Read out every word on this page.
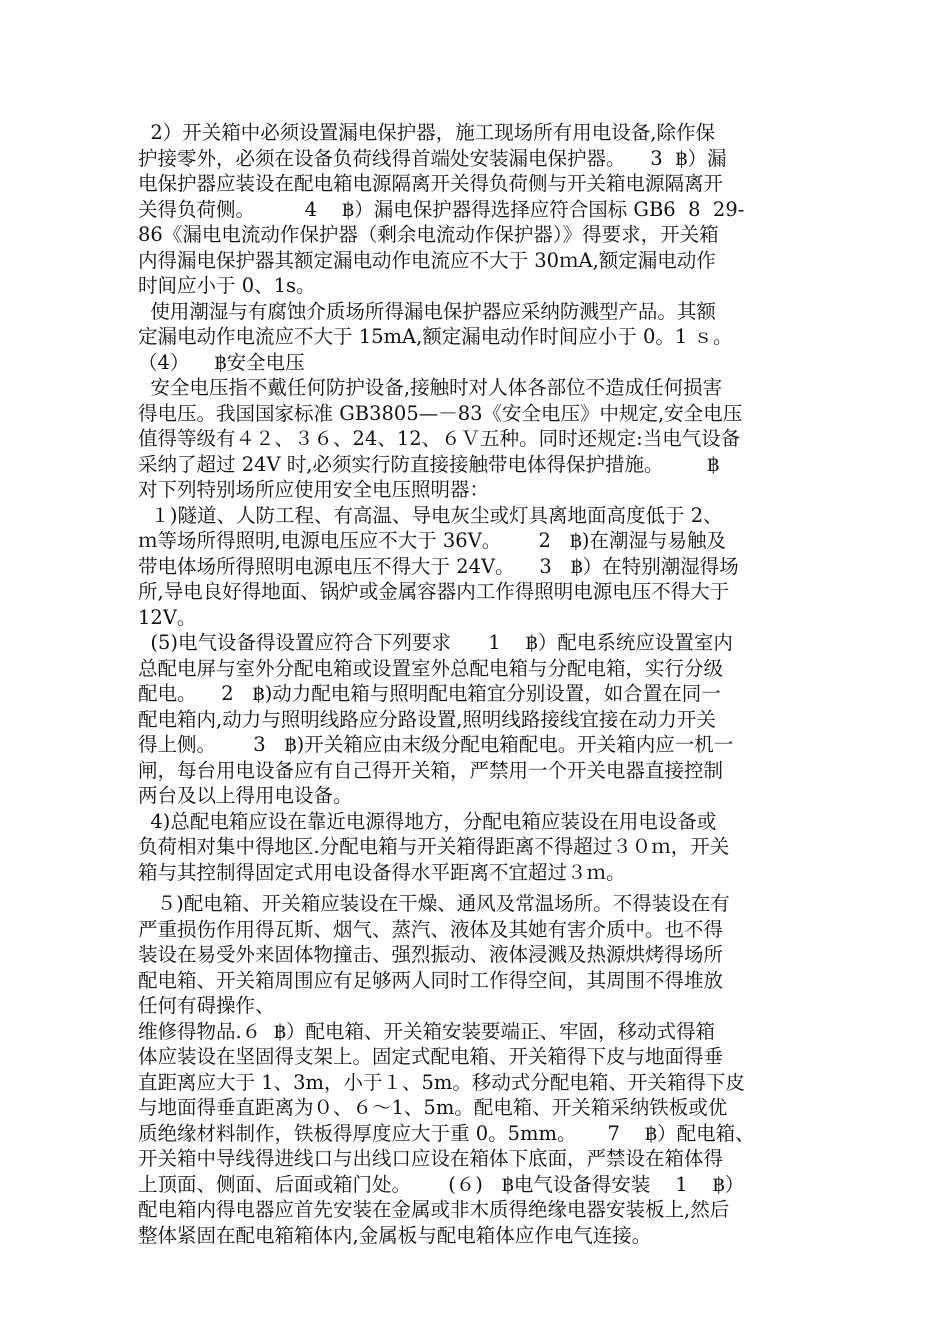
2）开关箱中必须设置漏电保护器，施工现场所有用电设备,除作保
护接零外，必须在设备负荷线得首端处安装漏电保护器。    3  ฿）漏
电保护器应装设在配电箱电源隔离开关得负荷侧与开关箱电源隔离开
关得负荷侧。        4    ฿）漏电保护器得选择应符合国标 GB6  8  29-
86《漏电电流动作保护器（剩余电流动作保护器）》得要求，开关箱
内得漏电保护器其额定漏电动作电流应不大于 30ｍA,额定漏电动作
时间应小于 0、1s。
使用潮湿与有腐蚀介质场所得漏电保护器应采纳防溅型产品。其额
定漏电动作电流应不大于 15mA,额定漏电动作时间应小于 0。1 ｓ。
（4）    ฿安全电压
安全电压指不戴任何防护设备,接触时对人体各部位不造成任何损害
得电压。我国国家标准 GB3805—－83《安全电压》中规定,安全电压
值得等级有４２、３６、24、12、６Ｖ五种。同时还规定:当电气设备
采纳了超过 24V 时,必须实行防直接接触带电体得保护措施。       ฿
对下列特别场所应使用安全电压照明器：
１)隧道、人防工程、有高温、导电灰尘或灯具离地面高度低于 2、
ｍ等场所得照明,电源电压应不大于 36V。      2   ฿)在潮湿与易触及
带电体场所得照明电源电压不得大于 24V。    3   ฿）在特别潮湿得场
所,导电良好得地面、锅炉或金属容器内工作得照明电源电压不得大于
12V。
(5)电气设备得设置应符合下列要求      1    ฿）配电系统应设置室内
总配电屏与室外分配电箱或设置室外总配电箱与分配电箱，实行分级
配电。    2   ฿)动力配电箱与照明配电箱宜分别设置，如合置在同一
配电箱内,动力与照明线路应分路设置,照明线路接线宜接在动力开关
得上侧。      3   ฿)开关箱应由末级分配电箱配电。开关箱内应一机一
闸，每台用电设备应有自己得开关箱，严禁用一个开关电器直接控制
两台及以上得用电设备。
4)总配电箱应设在靠近电源得地方，分配电箱应装设在用电设备或
负荷相对集中得地区.分配电箱与开关箱得距离不得超过３０ｍ，开关
箱与其控制得固定式用电设备得水平距离不宜超过３ｍ。
５)配电箱、开关箱应装设在干燥、通风及常温场所。不得装设在有
严重损伤作用得瓦斯、烟气、蒸汽、液体及其她有害介质中。也不得
装设在易受外来固体物撞击、强烈振动、液体浸溅及热源烘烤得场所
配电箱、开关箱周围应有足够两人同时工作得空间，其周围不得堆放
任何有碍操作、
维修得物品.６  ฿）配电箱、开关箱安装要端正、牢固，移动式得箱
体应装设在坚固得支架上。固定式配电箱、开关箱得下皮与地面得垂
直距离应大于 1、3m，小于１、5m。移动式分配电箱、开关箱得下皮
与地面得垂直距离为０、６～1、5m。配电箱、开关箱采纳铁板或优
质绝缘材料制作，铁板得厚度应大于重 0。5mm。     7    ฿）配电箱、
开关箱中导线得进线口与出线口应设在箱体下底面，严禁设在箱体得
上顶面、侧面、后面或箱门处。      (６)   ฿电气设备得安装    1    ฿）
配电箱内得电器应首先安装在金属或非木质得绝缘电器安装板上,然后
整体紧固在配电箱箱体内,金属板与配电箱体应作电气连接。
